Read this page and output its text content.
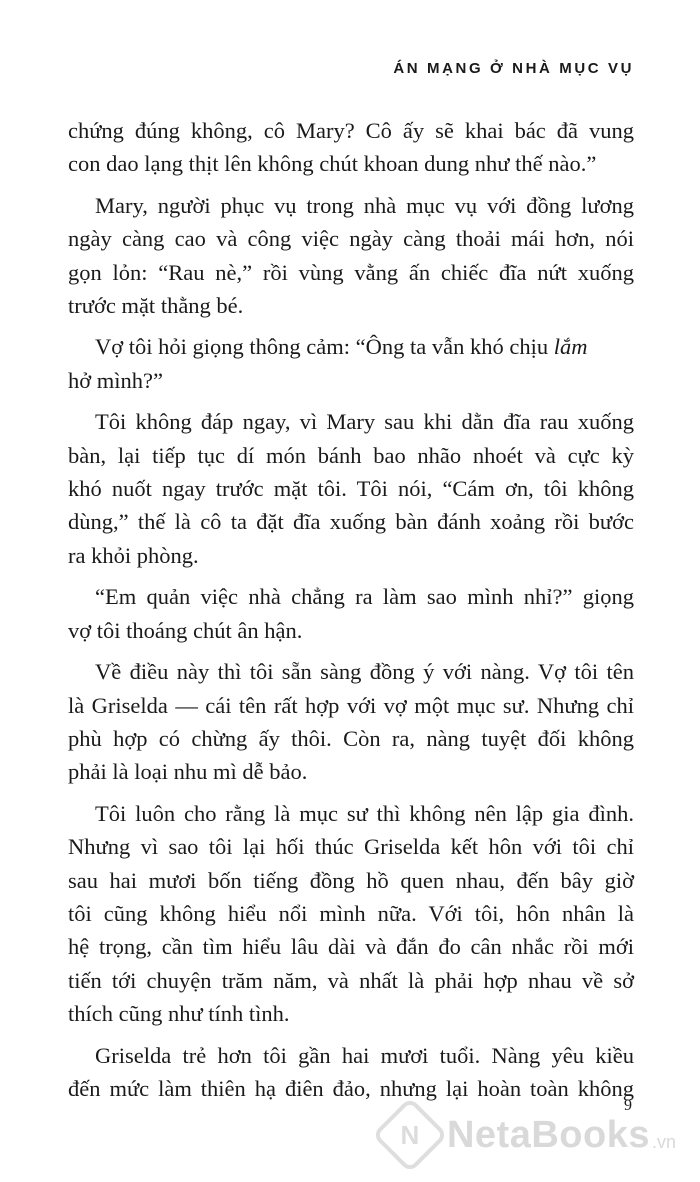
ÁN MẠNG Ở NHÀ MỤC VỤ

chứng đúng không, cô Mary? Cô ấy sẽ khai bác đã vung
con dao lạng thịt lên không chút khoan dung như thế nào.”

Mary, người phục vụ trong nhà mục vụ với đồng lương
ngày càng cao và công việc ngày càng thoải mái hơn, nói
gọn lỏn: “Rau nè,” rồi vùng vằng ấn chiếc đĩa nứt xuống
trước mặt thằng bé.

Vợ tôi hỏi giọng thông cảm: “Ông ta vẫn khó chịu lắm
hở mình?”

Tôi không đáp ngay, vì Mary sau khi dằn đĩa rau xuống
bàn, lại tiếp tục dí món bánh bao nhão nhoét và cực kỳ
khó nuốt ngay trước mặt tôi. Tôi nói, “Cám ơn, tôi không
dùng,” thế là cô ta đặt đĩa xuống bàn đánh xoảng rồi bước
ra khỏi phòng.

“Em quản việc nhà chẳng ra làm sao mình nhỉ?” giọng
vợ tôi thoáng chút ân hận.

Về điều này thì tôi sẵn sàng đồng ý với nàng. Vợ tôi tên
là Griselda — cái tên rất hợp với vợ một mục sư. Nhưng chỉ
phù hợp có chừng ấy thôi. Còn ra, nàng tuyệt đối không
phải là loại nhu mì dễ bảo.

Tôi luôn cho rằng là mục sư thì không nên lập gia đình.
Nhưng vì sao tôi lại hối thúc Griselda kết hôn với tôi chỉ
sau hai mươi bốn tiếng đồng hồ quen nhau, đến bây giờ
tôi cũng không hiểu nổi mình nữa. Với tôi, hôn nhân là
hệ trọng, cần tìm hiểu lâu dài và đắn đo cân nhắc rồi mới
tiến tới chuyện trăm năm, và nhất là phải hợp nhau về sở
thích cũng như tính tình.

Griselda trẻ hơn tôi gần hai mươi tuổi. Nàng yêu kiều
đến mức làm thiên hạ điên đảo, nhưng lại hoàn toàn không

9
N NetaBooks .vn
